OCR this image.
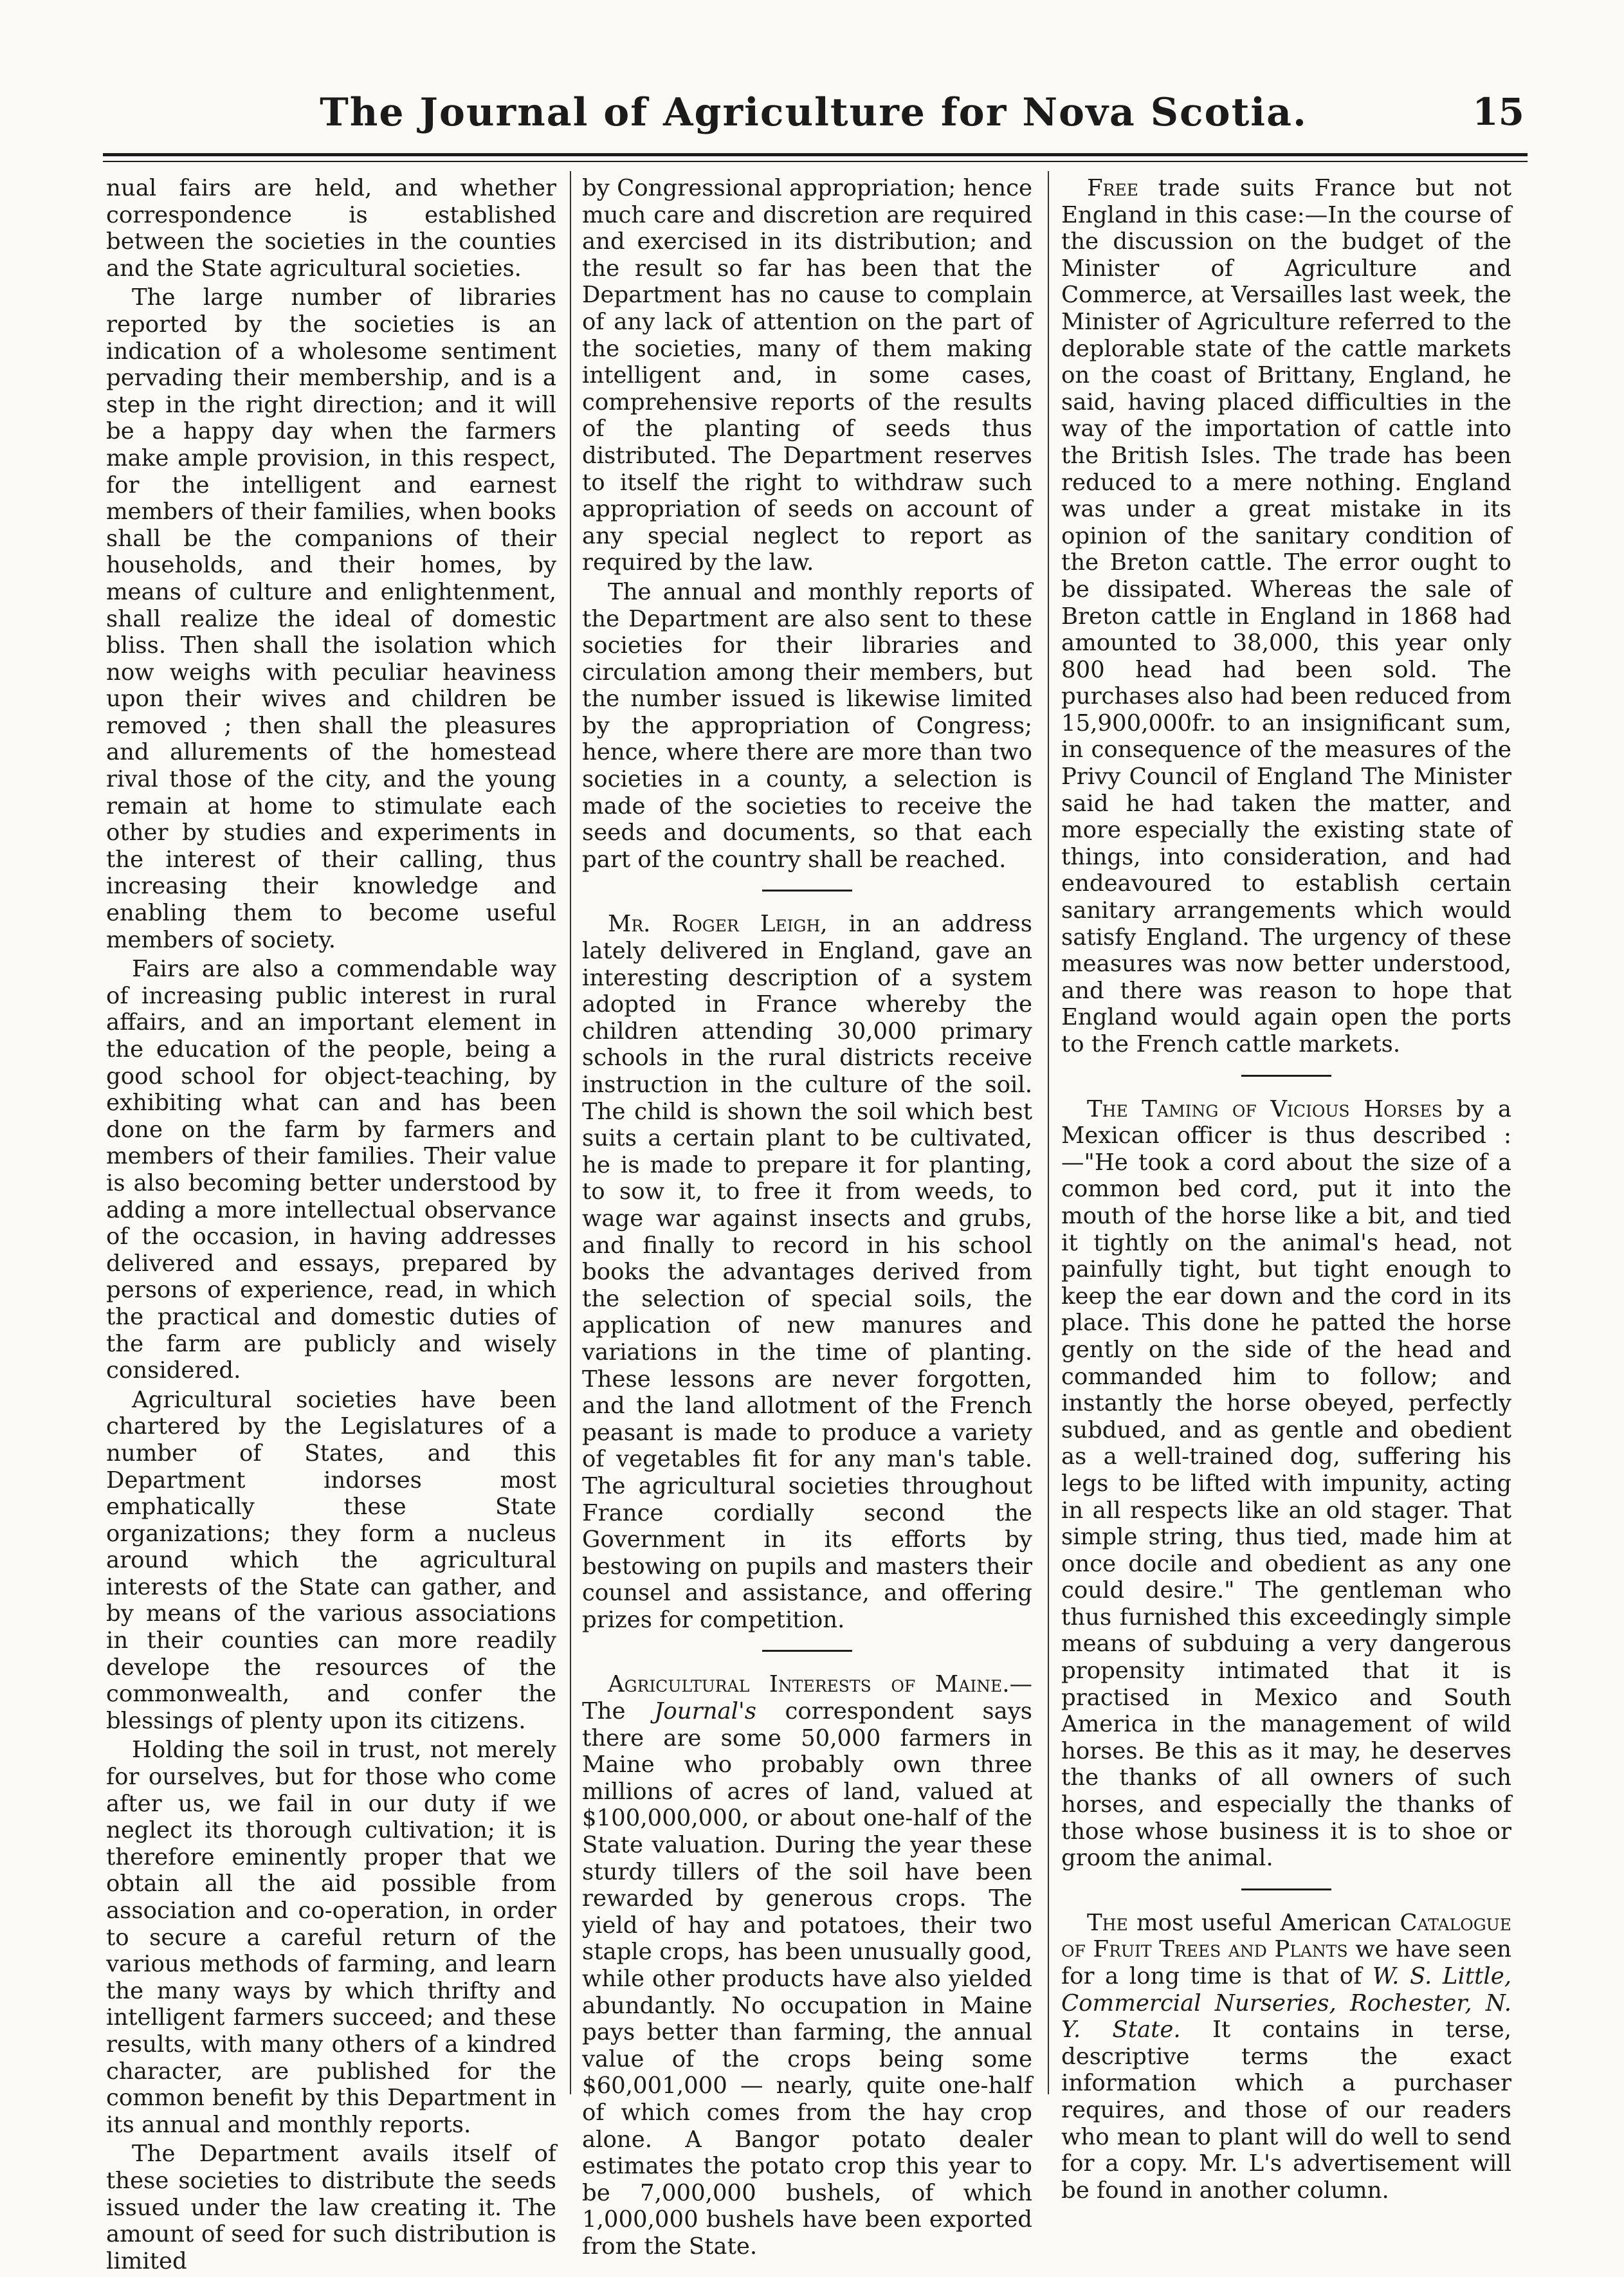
The Journal of Agriculture for Nova Scotia.	15

nual fairs are held, and whether correspondence is established between the societies in the counties and the State agricultural societies.

The large number of libraries reported by the societies is an indication of a wholesome sentiment pervading their membership, and is a step in the right direction; and it will be a happy day when the farmers make ample provision, in this respect, for the intelligent and earnest members of their families, when books shall be the companions of their households, and their homes, by means of culture and enlightenment, shall realize the ideal of domestic bliss. Then shall the isolation which now weighs with peculiar heaviness upon their wives and children be removed ; then shall the pleasures and allurements of the homestead rival those of the city, and the young remain at home to stimulate each other by studies and experiments in the interest of their calling, thus increasing their knowledge and enabling them to become useful members of society.

Fairs are also a commendable way of increasing public interest in rural affairs, and an important element in the education of the people, being a good school for object-teaching, by exhibiting what can and has been done on the farm by farmers and members of their families. Their value is also becoming better understood by adding a more intellectual observance of the occasion, in having addresses delivered and essays, prepared by persons of experience, read, in which the practical and domestic duties of the farm are publicly and wisely considered.

Agricultural societies have been chartered by the Legislatures of a number of States, and this Department indorses most emphatically these State organizations; they form a nucleus around which the agricultural interests of the State can gather, and by means of the various associations in their counties can more readily develope the resources of the commonwealth, and confer the blessings of plenty upon its citizens.

Holding the soil in trust, not merely for ourselves, but for those who come after us, we fail in our duty if we neglect its thorough cultivation; it is therefore eminently proper that we obtain all the aid possible from association and co-operation, in order to secure a careful return of the various methods of farming, and learn the many ways by which thrifty and intelligent farmers succeed; and these results, with many others of a kindred character, are published for the common benefit by this Department in its annual and monthly reports.

The Department avails itself of these societies to distribute the seeds issued under the law creating it. The amount of seed for such distribution is limited

by Congressional appropriation; hence much care and discretion are required and exercised in its distribution; and the result so far has been that the Department has no cause to complain of any lack of attention on the part of the societies, many of them making intelligent and, in some cases, comprehensive reports of the results of the planting of seeds thus distributed. The Department reserves to itself the right to withdraw such appropriation of seeds on account of any special neglect to report as required by the law.

The annual and monthly reports of the Department are also sent to these societies for their libraries and circulation among their members, but the number issued is likewise limited by the appropriation of Congress; hence, where there are more than two societies in a county, a selection is made of the societies to receive the seeds and documents, so that each part of the country shall be reached.

Mr. Roger Leigh, in an address lately delivered in England, gave an interesting description of a system adopted in France whereby the children attending 30,000 primary schools in the rural districts receive instruction in the culture of the soil. The child is shown the soil which best suits a certain plant to be cultivated, he is made to prepare it for planting, to sow it, to free it from weeds, to wage war against insects and grubs, and finally to record in his school books the advantages derived from the selection of special soils, the application of new manures and variations in the time of planting. These lessons are never forgotten, and the land allotment of the French peasant is made to produce a variety of vegetables fit for any man's table. The agricultural societies throughout France cordially second the Government in its efforts by bestowing on pupils and masters their counsel and assistance, and offering prizes for competition.

Agricultural Interests of Maine.— The Journal's correspondent says there are some 50,000 farmers in Maine who probably own three millions of acres of land, valued at $100,000,000, or about one-half of the State valuation. During the year these sturdy tillers of the soil have been rewarded by generous crops. The yield of hay and potatoes, their two staple crops, has been unusually good, while other products have also yielded abundantly. No occupation in Maine pays better than farming, the annual value of the crops being some $60,001,000 — nearly, quite one-half of which comes from the hay crop alone. A Bangor potato dealer estimates the potato crop this year to be 7,000,000 bushels, of which 1,000,000 bushels have been exported from the State.

Free trade suits France but not England in this case:—In the course of the discussion on the budget of the Minister of Agriculture and Commerce, at Versailles last week, the Minister of Agriculture referred to the deplorable state of the cattle markets on the coast of Brittany, England, he said, having placed difficulties in the way of the importation of cattle into the British Isles. The trade has been reduced to a mere nothing. England was under a great mistake in its opinion of the sanitary condition of the Breton cattle. The error ought to be dissipated. Whereas the sale of Breton cattle in England in 1868 had amounted to 38,000, this year only 800 head had been sold. The purchases also had been reduced from 15,900,000fr. to an insignificant sum, in consequence of the measures of the Privy Council of England The Minister said he had taken the matter, and more especially the existing state of things, into consideration, and had endeavoured to establish certain sanitary arrangements which would satisfy England. The urgency of these measures was now better understood, and there was reason to hope that England would again open the ports to the French cattle markets.

The Taming of Vicious Horses by a Mexican officer is thus described :—"He took a cord about the size of a common bed cord, put it into the mouth of the horse like a bit, and tied it tightly on the animal's head, not painfully tight, but tight enough to keep the ear down and the cord in its place. This done he patted the horse gently on the side of the head and commanded him to follow; and instantly the horse obeyed, perfectly subdued, and as gentle and obedient as a well-trained dog, suffering his legs to be lifted with impunity, acting in all respects like an old stager. That simple string, thus tied, made him at once docile and obedient as any one could desire." The gentleman who thus furnished this exceedingly simple means of subduing a very dangerous propensity intimated that it is practised in Mexico and South America in the management of wild horses. Be this as it may, he deserves the thanks of all owners of such horses, and especially the thanks of those whose business it is to shoe or groom the animal.

The most useful American Catalogue of Fruit Trees and Plants we have seen for a long time is that of W. S. Little, Commercial Nurseries, Rochester, N. Y. State. It contains in terse, descriptive terms the exact information which a purchaser requires, and those of our readers who mean to plant will do well to send for a copy. Mr. L's advertisement will be found in another column.
